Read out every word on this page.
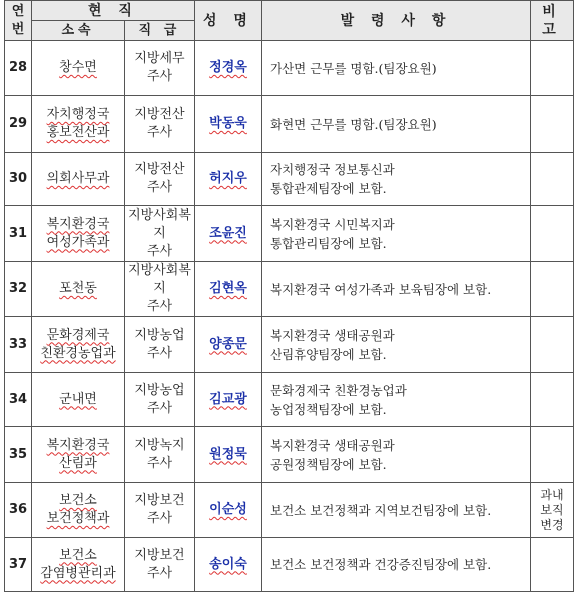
연
번	현 직		성 명	발 령 사 항	비 고
	소속	직 급			
28	창수면	지방세무
주사	정경옥	가산면 근무를 명함.(팀장요원)	

29	자치행정국
홍보전산과	지방전산
주사	박동욱	화현면 근무를 명함.(팀장요원)	

30	의회사무과	지방전산
주사	허지우	자치행정국 정보통신과
통합관제팀장에 보함.	

31	복지환경국
여성가족과	지방사회복지
주사	조윤진	복지환경국 시민복지과
통합관리팀장에 보함.	

32	포천동	지방사회복지
주사	김현옥	복지환경국 여성가족과 보육팀장에 보함.	

33	문화경제국
친환경농업과	지방농업
주사	양종문	복지환경국 생태공원과
산림휴양팀장에 보함.	

34	군내면	지방농업
주사	김교광	문화경제국 친환경농업과
농업정책팀장에 보함.	

35	복지환경국
산림과	지방녹지
주사	원정묵	복지환경국 생태공원과
공원정책팀장에 보함.	

36	보건소
보건정책과	지방보건
주사	이순성	보건소 보건정책과 지역보건팀장에 보함.	과내
보직
변경

37	보건소
감염병관리과	지방보건
주사	송이숙	보건소 보건정책과 건강증진팀장에 보함.	
